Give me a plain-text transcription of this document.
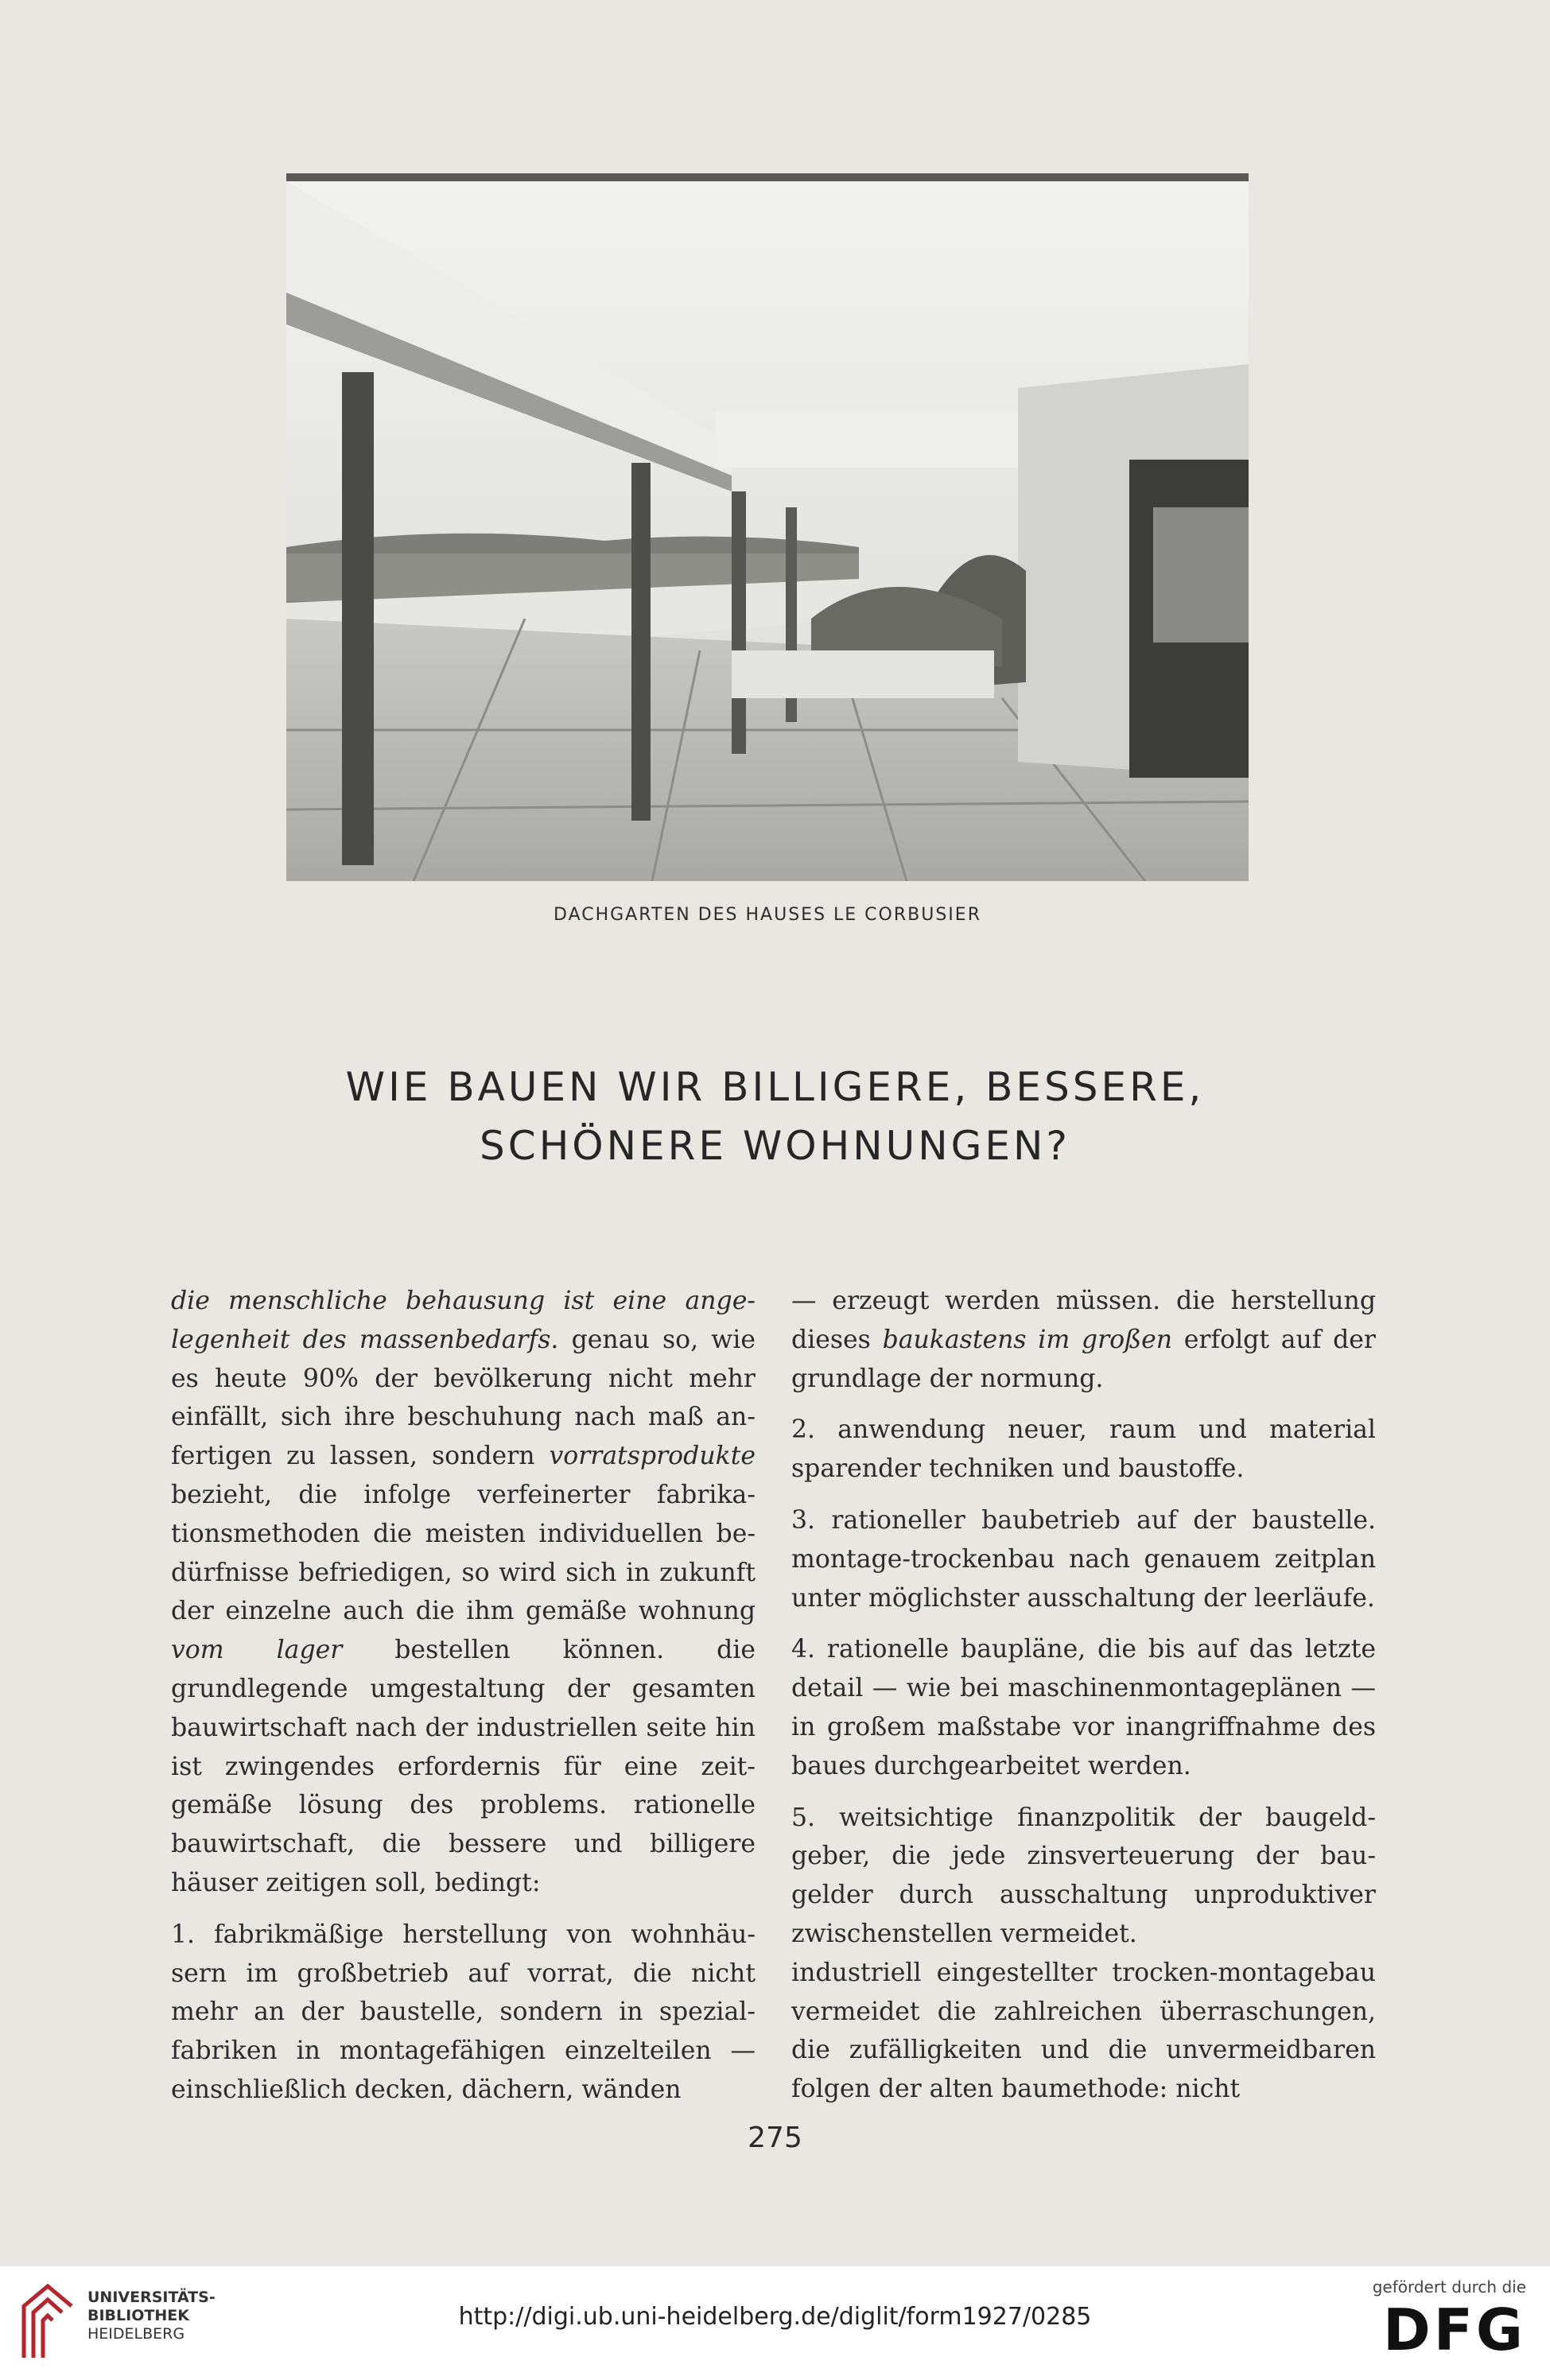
DACHGARTEN DES HAUSES LE CORBUSIER
WIE BAUEN WIR BILLIGERE, BESSERE,
SCHÖNERE WOHNUNGEN?

die menschliche behausung ist eine angelegenheit des massenbedarfs. genau so, wie es heute 90% der bevölkerung nicht mehr einfällt, sich ihre beschuhung nach maß anfertigen zu lassen, sondern vorratsprodukte bezieht, die infolge verfeinerter fabrikationsmethoden die meisten individuellen bedürfnisse befriedigen, so wird sich in zukunft der einzelne auch die ihm gemäße wohnung vom lager bestellen können. die grundlegende umgestaltung der gesamten bauwirtschaft nach der industriellen seite hin ist zwingendes erfordernis für eine zeitgemäße lösung des problems. rationelle bauwirtschaft, die bessere und billigere häuser zeitigen soll, bedingt:

1. fabrikmäßige herstellung von wohnhäusern im großbetrieb auf vorrat, die nicht mehr an der baustelle, sondern in spezialfabriken in montagefähigen einzelteilen — einschließlich decken, dächern, wänden

— erzeugt werden müssen. die herstellung dieses baukastens im großen erfolgt auf der grundlage der normung.

2. anwendung neuer, raum und material sparender techniken und baustoffe.

3. rationeller baubetrieb auf der baustelle. montage-trockenbau nach genauem zeitplan unter möglichster ausschaltung der leerläufe.

4. rationelle baupläne, die bis auf das letzte detail — wie bei maschinenmontageplänen — in großem maßstabe vor inangriffnahme des baues durchgearbeitet werden.

5. weitsichtige finanzpolitik der baugeldgeber, die jede zinsverteuerung der baugelder durch ausschaltung unproduktiver zwischenstellen vermeidet.

industriell eingestellter trocken-montagebau vermeidet die zahlreichen überraschungen, die zufälligkeiten und die unvermeidbaren folgen der alten baumethode: nicht

275
UNIVERSITÄTS-
BIBLIOTHEK
HEIDELBERG
http://digi.ub.uni-heidelberg.de/diglit/form1927/0285
gefördert durch die
DFG
